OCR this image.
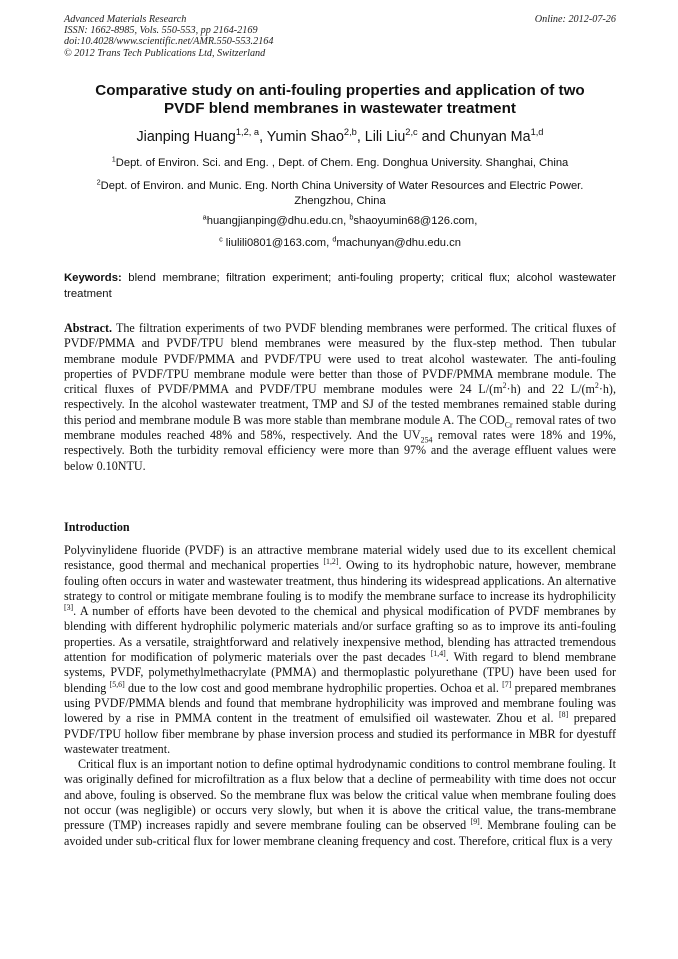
Advanced Materials Research
ISSN: 1662-8985, Vols. 550-553, pp 2164-2169
doi:10.4028/www.scientific.net/AMR.550-553.2164
© 2012 Trans Tech Publications Ltd, Switzerland
Online: 2012-07-26
Comparative study on anti-fouling properties and application of two
PVDF blend membranes in wastewater treatment
Jianping Huang$^{1,2, a}$, Yumin Shao$^{2,b}$, Lili Liu$^{2,c}$ and Chunyan Ma$^{1,d}$
$^1$Dept. of Environ. Sci. and Eng. , Dept. of Chem. Eng. Donghua University. Shanghai, China
$^2$Dept. of Environ. and Munic. Eng. North China University of Water Resources and Electric Power.
Zhengzhou, China
$^a$huangjianping@dhu.edu.cn, $^b$shaoyumin68@126.com,
$^c$ liulili0801@163.com, $^d$machunyan@dhu.edu.cn
Keywords: blend membrane; filtration experiment; anti-fouling property; critical flux; alcohol wastewater treatment
Abstract. The filtration experiments of two PVDF blending membranes were performed. The critical fluxes of PVDF/PMMA and PVDF/TPU blend membranes were measured by the flux-step method. Then tubular membrane module PVDF/PMMA and PVDF/TPU were used to treat alcohol wastewater. The anti-fouling properties of PVDF/TPU membrane module were better than those of PVDF/PMMA membrane module. The critical fluxes of PVDF/PMMA and PVDF/TPU membrane modules were 24 $L/(m^2\cdot h)$ and 22 $L/(m^2\cdot h)$, respectively. In the alcohol wastewater treatment, TMP and SJ of the tested membranes remained stable during this period and membrane module B was more stable than membrane module A. The $COD_{Cr}$ removal rates of two membrane modules reached 48% and 58%, respectively. And the $UV_{254}$ removal rates were 18% and 19%, respectively. Both the turbidity removal efficiency were more than 97% and the average effluent values were below 0.10NTU.
Introduction

Polyvinylidene fluoride (PVDF) is an attractive membrane material widely used due to its excellent chemical resistance, good thermal and mechanical properties [1,2]. Owing to its hydrophobic nature, however, membrane fouling often occurs in water and wastewater treatment, thus hindering its widespread applications. An alternative strategy to control or mitigate membrane fouling is to modify the membrane surface to increase its hydrophilicity [3]. A number of efforts have been devoted to the chemical and physical modification of PVDF membranes by blending with different hydrophilic polymeric materials and/or surface grafting so as to improve its anti-fouling properties. As a versatile, straightforward and relatively inexpensive method, blending has attracted tremendous attention for modification of polymeric materials over the past decades [1,4]. With regard to blend membrane systems, PVDF, polymethylmethacrylate (PMMA) and thermoplastic polyurethane (TPU) have been used for blending [5,6] due to the low cost and good membrane hydrophilic properties. Ochoa et al. [7] prepared membranes using PVDF/PMMA blends and found that membrane hydrophilicity was improved and membrane fouling was lowered by a rise in PMMA content in the treatment of emulsified oil wastewater. Zhou et al. [8] prepared PVDF/TPU hollow fiber membrane by phase inversion process and studied its performance in MBR for dyestuff wastewater treatment.

Critical flux is an important notion to define optimal hydrodynamic conditions to control membrane fouling. It was originally defined for microfiltration as a flux below that a decline of permeability with time does not occur and above, fouling is observed. So the membrane flux was below the critical value when membrane fouling does not occur (was negligible) or occurs very slowly, but when it is above the critical value, the trans-membrane pressure (TMP) increases rapidly and severe membrane fouling can be observed [9]. Membrane fouling can be avoided under sub-critical flux for lower membrane cleaning frequency and cost. Therefore, critical flux is a very
